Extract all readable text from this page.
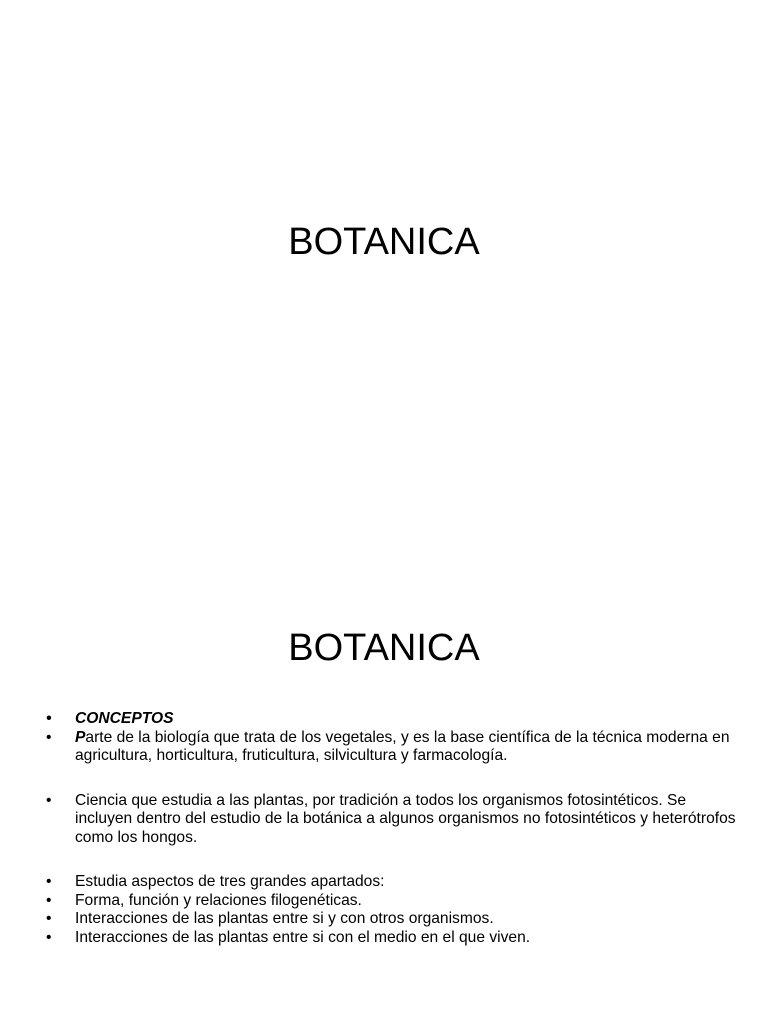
BOTANICA
BOTANICA
• CONCEPTOS
• Parte de la biología que trata de los vegetales, y es la base científica de la técnica moderna en agricultura, horticultura, fruticultura, silvicultura y farmacología.
• Ciencia que estudia a las plantas, por tradición a todos los organismos fotosintéticos. Se incluyen dentro del estudio de la botánica a algunos organismos no fotosintéticos y heterótrofos como los hongos.
• Estudia aspectos de tres grandes apartados:
• Forma, función y relaciones filogenéticas.
• Interacciones de las plantas entre si y con otros organismos.
• Interacciones de las plantas entre si con el medio en el que viven.
